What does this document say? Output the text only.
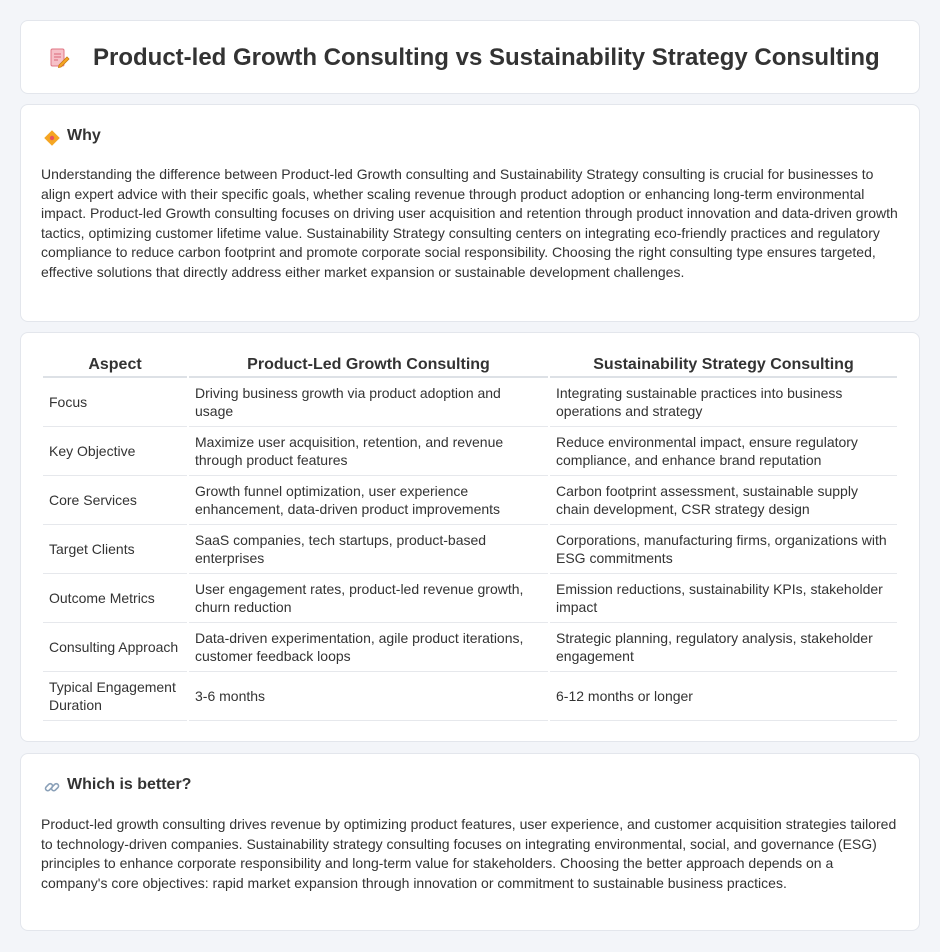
Product-led Growth Consulting vs Sustainability Strategy Consulting
Why
Understanding the difference between Product-led Growth consulting and Sustainability Strategy consulting is crucial for businesses to align expert advice with their specific goals, whether scaling revenue through product adoption or enhancing long-term environmental impact. Product-led Growth consulting focuses on driving user acquisition and retention through product innovation and data-driven growth tactics, optimizing customer lifetime value. Sustainability Strategy consulting centers on integrating eco-friendly practices and regulatory compliance to reduce carbon footprint and promote corporate social responsibility. Choosing the right consulting type ensures targeted, effective solutions that directly address either market expansion or sustainable development challenges.
Aspect	Product-Led Growth Consulting	Sustainability Strategy Consulting
Focus	Driving business growth via product adoption and usage	Integrating sustainable practices into business operations and strategy
Key Objective	Maximize user acquisition, retention, and revenue through product features	Reduce environmental impact, ensure regulatory compliance, and enhance brand reputation
Core Services	Growth funnel optimization, user experience enhancement, data-driven product improvements	Carbon footprint assessment, sustainable supply chain development, CSR strategy design
Target Clients	SaaS companies, tech startups, product-based enterprises	Corporations, manufacturing firms, organizations with ESG commitments
Outcome Metrics	User engagement rates, product-led revenue growth, churn reduction	Emission reductions, sustainability KPIs, stakeholder impact
Consulting Approach	Data-driven experimentation, agile product iterations, customer feedback loops	Strategic planning, regulatory analysis, stakeholder engagement
Typical Engagement Duration	3-6 months	6-12 months or longer
Which is better?
Product-led growth consulting drives revenue by optimizing product features, user experience, and customer acquisition strategies tailored to technology-driven companies. Sustainability strategy consulting focuses on integrating environmental, social, and governance (ESG) principles to enhance corporate responsibility and long-term value for stakeholders. Choosing the better approach depends on a company's core objectives: rapid market expansion through innovation or commitment to sustainable business practices.
